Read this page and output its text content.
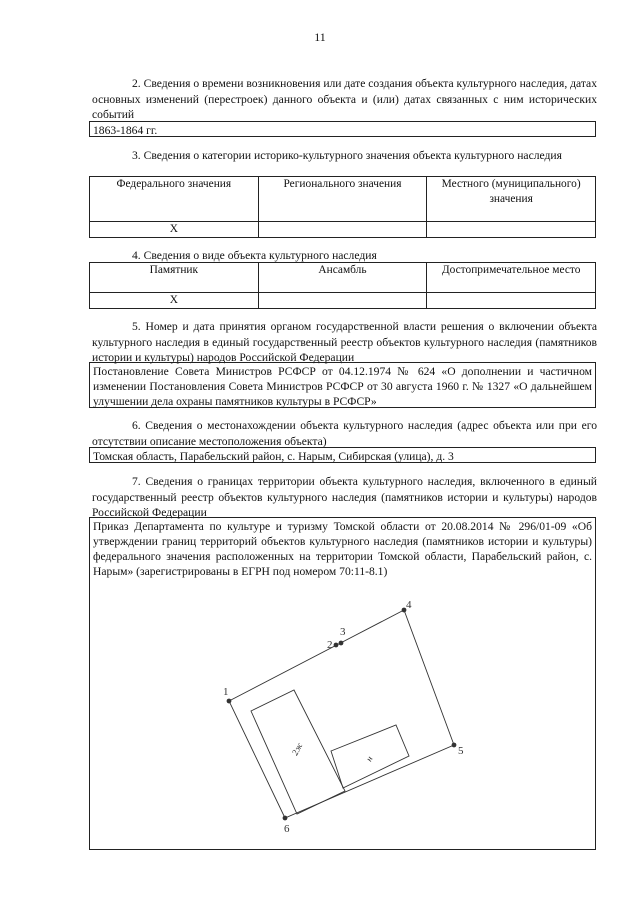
11
2. Сведения о времени возникновения или дате создания объекта культурного наследия, датах основных изменений (перестроек) данного объекта и (или) датах связанных с ним исторических событий
1863-1864 гг.
3. Сведения о категории историко-культурного значения объекта культурного наследия
Федерального значения	Регионального значения	Местного (муниципального) значения
X		
4. Сведения о виде объекта культурного наследия
Памятник	Ансамбль	Достопримечательное место
X		
5. Номер и дата принятия органом государственной власти решения о включении объекта культурного наследия в единый государственный реестр объектов культурного наследия (памятников истории и культуры) народов Российской Федерации
Постановление Совета Министров РСФСР от 04.12.1974 № 624 «О дополнении и частичном изменении Постановления Совета Министров РСФСР от 30 августа 1960 г. № 1327 «О дальнейшем улучшении дела охраны памятников культуры в РСФСР»
6. Сведения о местонахождении объекта культурного наследия (адрес объекта или при его отсутствии описание местоположения объекта)
Томская область, Парабельский район, с. Нарым, Сибирская (улица), д. 3
7. Сведения о границах территории объекта культурного наследия, включенного в единый государственный реестр объектов культурного наследия (памятников истории и культуры) народов Российской Федерации
Приказ Департамента по культуре и туризму Томской области от 20.08.2014 № 296/01-09 «Об утверждении границ территорий объектов культурного наследия (памятников истории и культуры) федерального значения расположенных на территории Томской области, Парабельский район, с. Нарым» (зарегистрированы в ЕГРН под номером 70:11-8.1)
1
2
3
4
5
6
2ж
н
